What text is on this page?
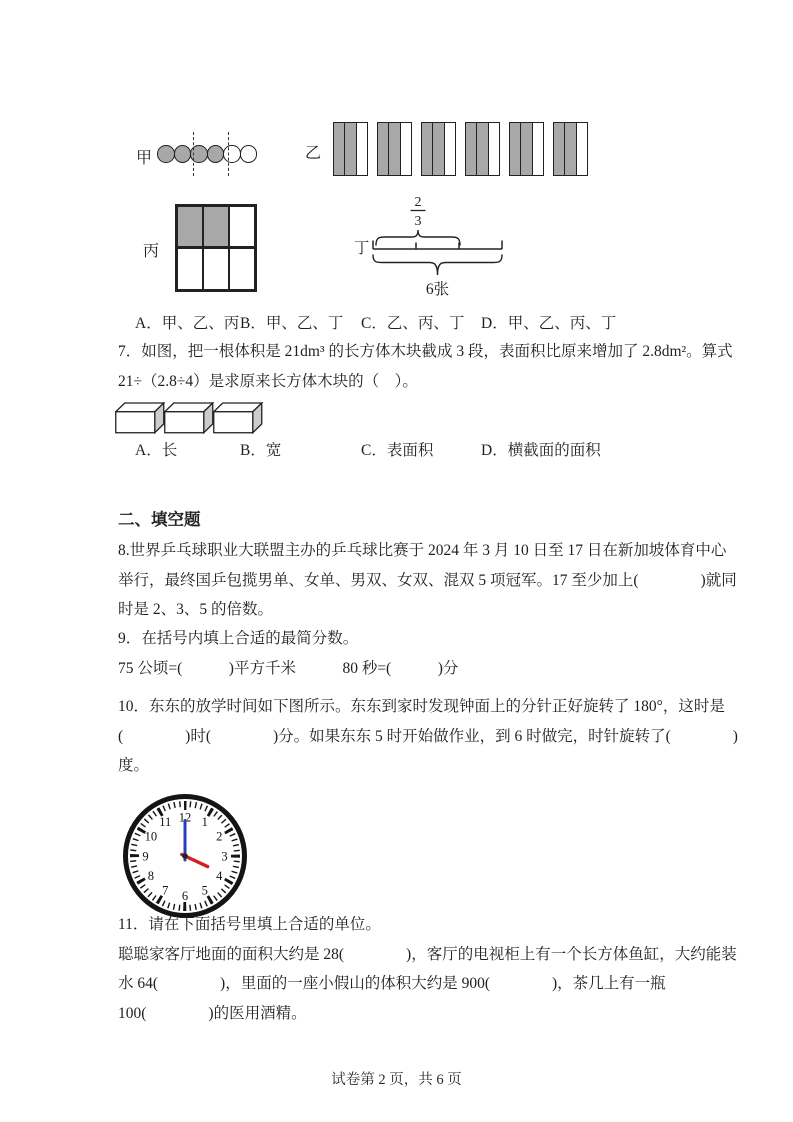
甲	乙
丙	丁
2
3
6张
A．甲、乙、丙 B．甲、乙、丁 C．乙、丙、丁 D．甲、乙、丙、丁
7．如图，把一根体积是 21dm³ 的长方体木块截成 3 段，表面积比原来增加了 2.8dm²。算式
21÷（2.8÷4）是求原来长方体木块的（　）。
A．长	B．宽	C．表面积	D．横截面的面积
二、填空题
8.世界乒乓球职业大联盟主办的乒乓球比赛于 2024 年 3 月 10 日至 17 日在新加坡体育中心
举行，最终国乒包揽男单、女单、男双、女双、混双 5 项冠军。17 至少加上(　　　　)就同
时是 2、3、5 的倍数。
9．在括号内填上合适的最简分数。
75 公顷=(　　　)平方千米　　　80 秒=(　　　)分
10．东东的放学时间如下图所示。东东到家时发现钟面上的分针正好旋转了 180°，这时是
(　　　　)时(　　　　)分。如果东东 5 时开始做作业，到 6 时做完，时针旋转了(　　　　)
度。
12 1
2
3
4
5
6
7
8
9
10
11
11．请在下面括号里填上合适的单位。
聪聪家客厅地面的面积大约是 28(　　　　)，客厅的电视柜上有一个长方体鱼缸，大约能装
水 64(　　　　)，里面的一座小假山的体积大约是 900(　　　　)，茶几上有一瓶
100(　　　　)的医用酒精。
试卷第 2 页，共 6 页
